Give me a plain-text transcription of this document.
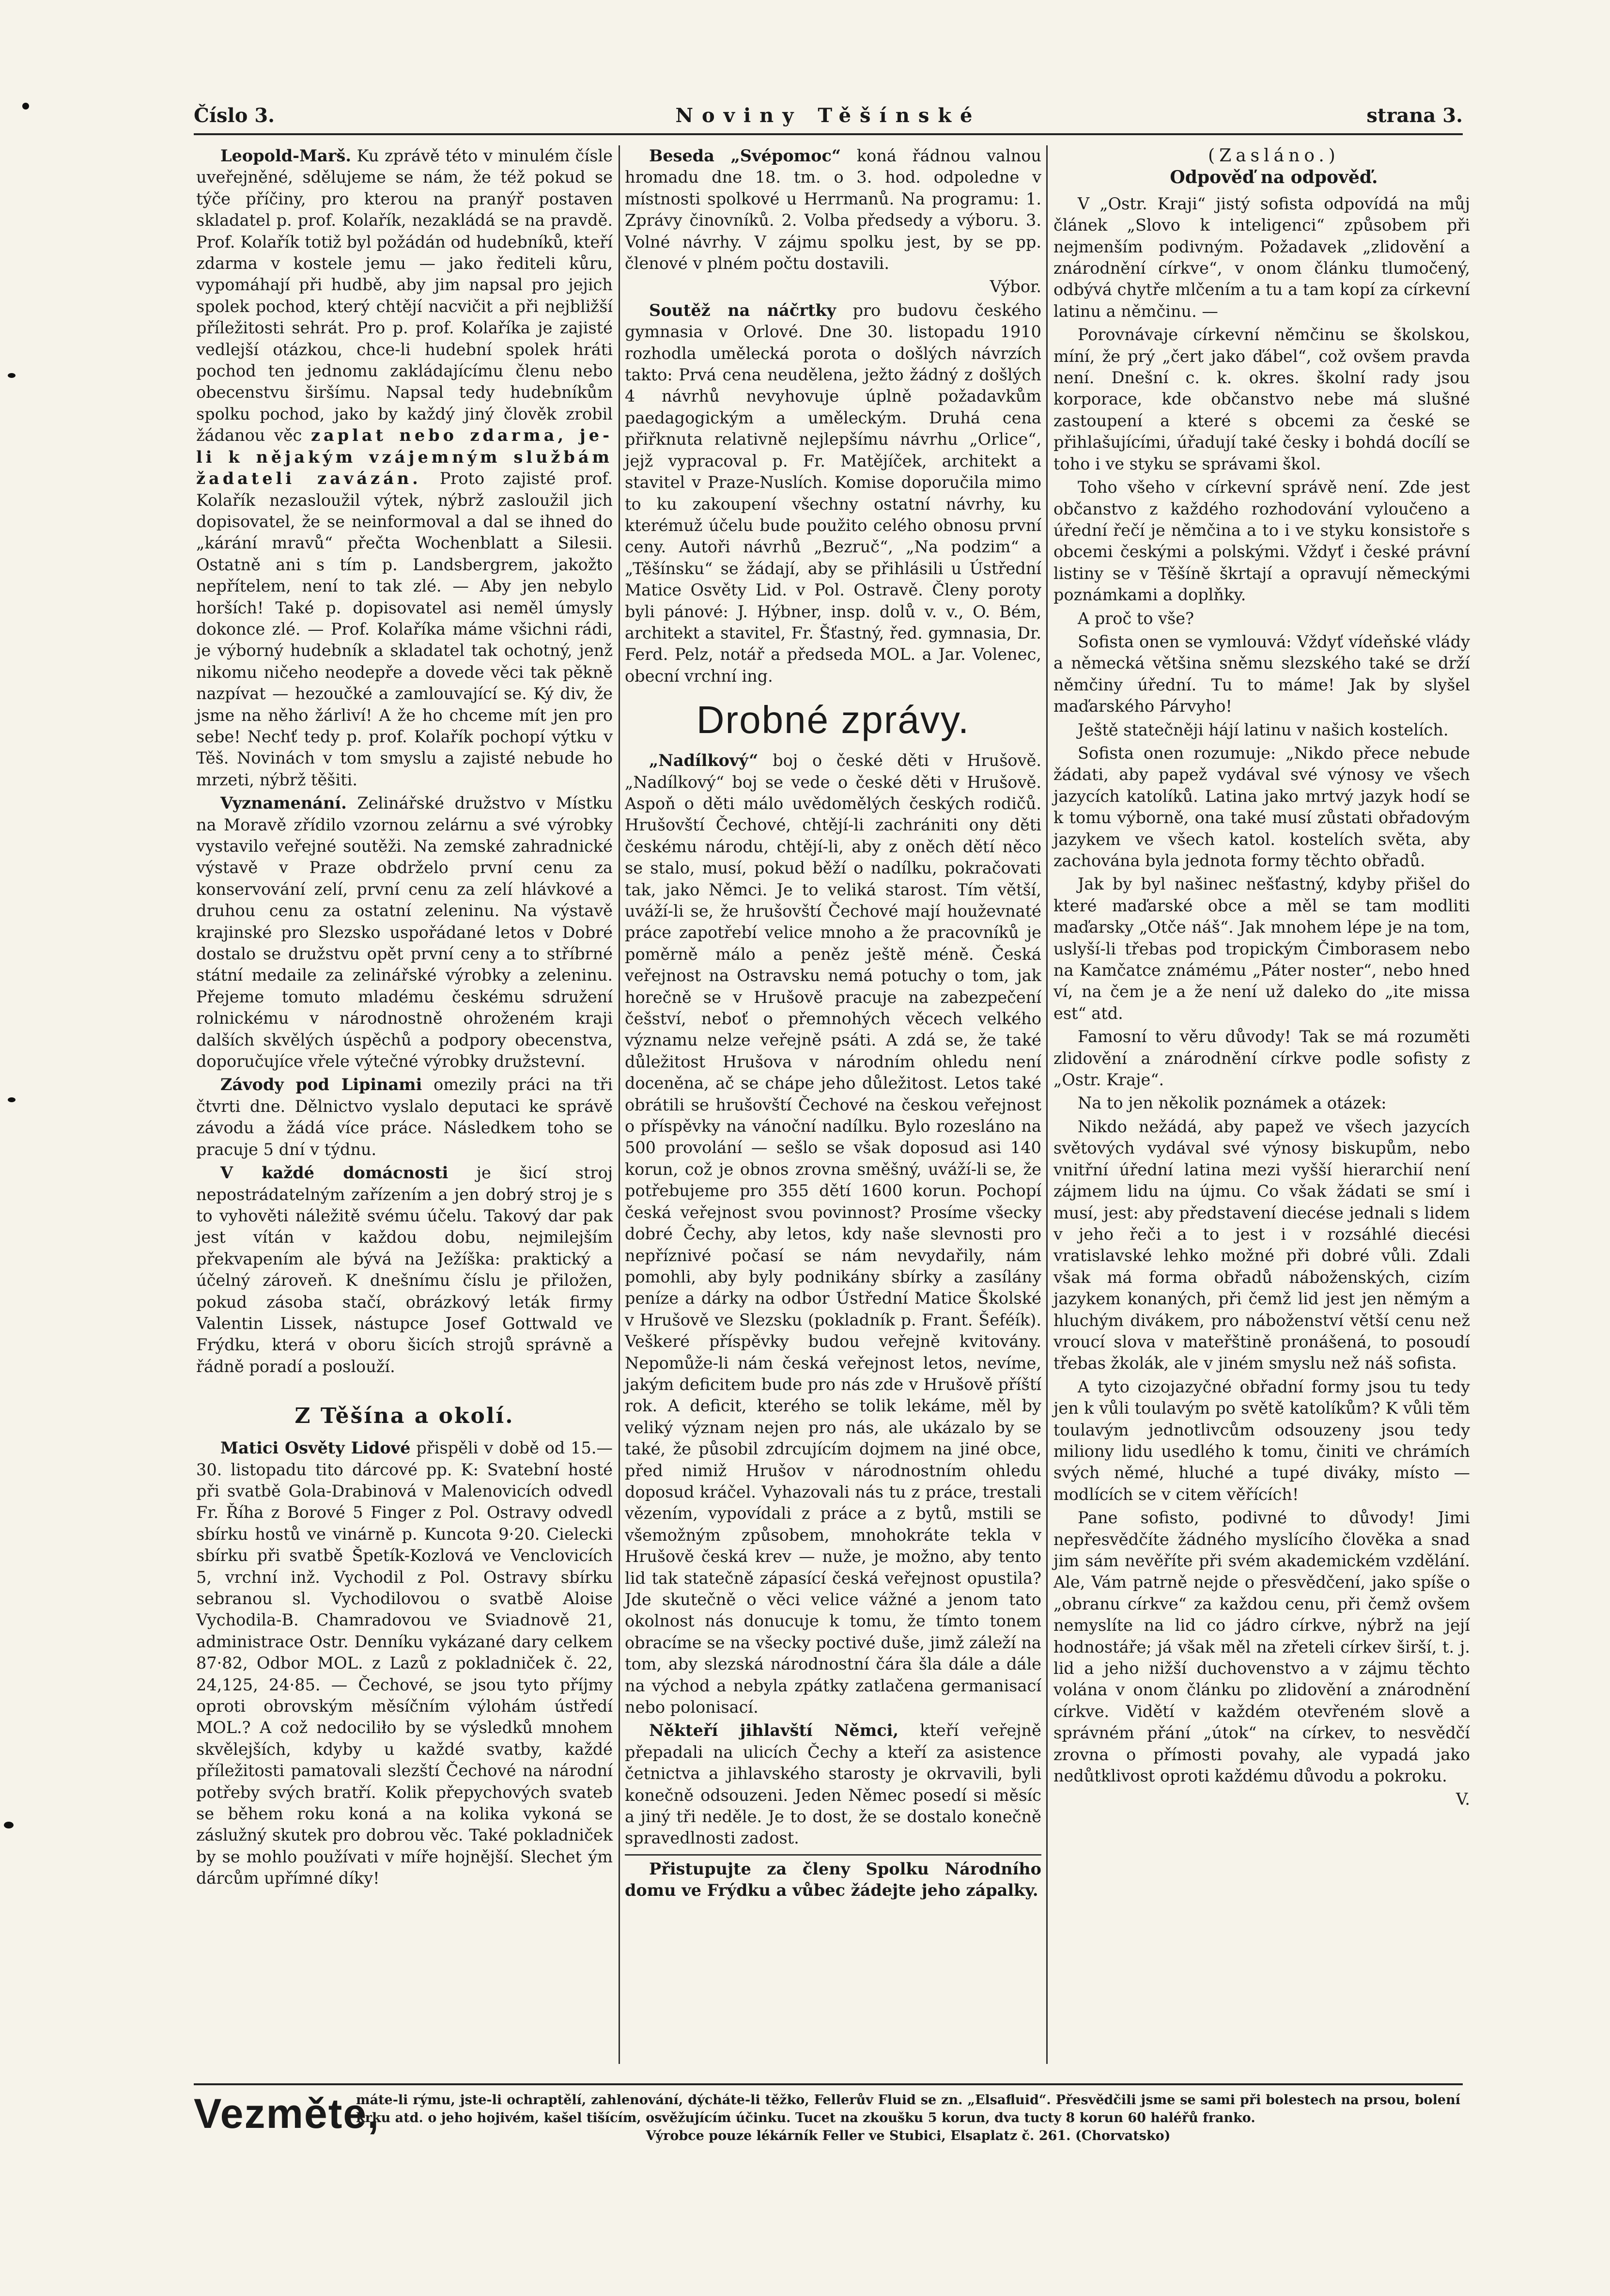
Číslo 3.	Noviny Těšínské	strana 3.

Leopold-Marš. Ku zprávě této v minulém čísle uveřejněné, sdělujeme se nám, že též pokud se týče příčiny, pro kterou na pranýř postaven skladatel p. prof. Kolařík, nezakládá se na pravdě. Prof. Kolařík totiž byl požádán od hudebníků, kteří zdarma v kostele jemu — jako řediteli kůru, vypomáhají při hudbě, aby jim napsal pro jejich spolek pochod, který chtějí nacvičit a při nejbližší příležitosti sehrát. Pro p. prof. Kolaříka je zajisté vedlejší otázkou, chce-li hudební spolek hráti pochod ten jednomu zakládajícímu členu nebo obecenstvu širšímu. Napsal tedy hudebníkům spolku pochod, jako by každý jiný člověk zrobil žádanou věc zaplat nebo zdarma, je-li k nějakým vzájemným službám žadateli zavázán. Proto zajisté prof. Kolařík nezasloužil výtek, nýbrž zasloužil jich dopisovatel, že se neinformoval a dal se ihned do „kárání mravů“ přečta Wochenblatt a Silesii. Ostatně ani s tím p. Landsbergrem, jakožto nepřítelem, není to tak zlé. — Aby jen nebylo horších! Také p. dopisovatel asi neměl úmysly dokonce zlé. — Prof. Kolaříka máme všichni rádi, je výborný hudebník a skladatel tak ochotný, jenž nikomu ničeho neodepře a dovede věci tak pěkně nazpívat — hezoučké a zamlouvající se. Ký div, že jsme na něho žárliví! A že ho chceme mít jen pro sebe! Nechť tedy p. prof. Kolařík pochopí výtku v Těš. Novinách v tom smyslu a zajisté nebude ho mrzeti, nýbrž těšiti.

Vyznamenání. Zelinářské družstvo v Místku na Moravě zřídilo vzornou zelárnu a své výrobky vystavilo veřejné soutěži. Na zemské zahradnické výstavě v Praze obdrželo první cenu za konservování zelí, první cenu za zelí hlávkové a druhou cenu za ostatní zeleninu. Na výstavě krajinské pro Slezsko uspořádané letos v Dobré dostalo se družstvu opět první ceny a to stříbrné státní medaile za zelinářské výrobky a zeleninu. Přejeme tomuto mladému českému sdružení rolnickému v národnostně ohroženém kraji dalších skvělých úspěchů a podpory obecenstva, doporučujíce vřele výtečné výrobky družstevní.

Závody pod Lipinami omezily práci na tři čtvrti dne. Dělnictvo vyslalo deputaci ke správě závodu a žádá více práce. Následkem toho se pracuje 5 dní v týdnu.

V každé domácnosti je šicí stroj nepostrádatelným zařízením a jen dobrý stroj je s to vyhověti náležitě svému účelu. Takový dar pak jest vítán v každou dobu, nejmilejším překvapením ale bývá na Ježíška: praktický a účelný zároveň. K dnešnímu číslu je přiložen, pokud zásoba stačí, obrázkový leták firmy Valentin Lissek, nástupce Josef Gottwald ve Frýdku, která v oboru šicích strojů správně a řádně poradí a poslouží.

Z Těšína a okolí.

Matici Osvěty Lidové přispěli v době od 15.—30. listopadu tito dárcové pp. K: Svatební hosté při svatbě Gola-Drabinová v Malenovicích odvedl Fr. Říha z Borové 5 Finger z Pol. Ostravy odvedl sbírku hostů ve vinárně p. Kuncota 9·20. Cielecki sbírku při svatbě Špetík-Kozlová ve Venclovicích 5, vrchní inž. Vychodil z Pol. Ostravy sbírku sebranou sl. Vychodilovou o svatbě Aloise Vychodila-B. Chamradovou ve Sviadnově 21, administrace Ostr. Denníku vykázané dary celkem 87·82, Odbor MOL. z Lazů z pokladniček č. 22, 24,125, 24·85. — Čechové, se jsou tyto příjmy oproti obrovským měsíčním výlohám ústředí MOL.? A což nedociliło by se výsledků mnohem skvělejších, kdyby u každé svatby, každé příležitosti pamatovali slezští Čechové na národní potřeby svých bratří. Kolik přepychových svateb se během roku koná a na kolika vykoná se záslužný skutek pro dobrou věc. Také pokladniček by se mohlo používati v míře hojnější. Slechet ým dárcům upřímné díky!

Beseda „Svépomoc“ koná řádnou valnou hromadu dne 18. tm. o 3. hod. odpoledne v místnosti spolkové u Herrmanů. Na programu: 1. Zprávy činovníků. 2. Volba předsedy a výboru. 3. Volné návrhy. V zájmu spolku jest, by se pp. členové v plném počtu dostavili.

Výbor.

Soutěž na náčrtky pro budovu českého gymnasia v Orlové. Dne 30. listopadu 1910 rozhodla umělecká porota o došlých návrzích takto: Prvá cena neudělena, ježto žádný z došlých 4 návrhů nevyhovuje úplně požadavkům paedagogickým a uměleckým. Druhá cena přiřknuta relativně nejlepšímu návrhu „Orlice“, jejž vypracoval p. Fr. Matějíček, architekt a stavitel v Praze-Nuslích. Komise doporučila mimo to ku zakoupení všechny ostatní návrhy, ku kterémuž účelu bude použito celého obnosu první ceny. Autoři návrhů „Bezruč“, „Na podzim“ a „Těšínsku“ se žádají, aby se přihlásili u Ústřední Matice Osvěty Lid. v Pol. Ostravě. Členy poroty byli pánové: J. Hýbner, insp. dolů v. v., O. Bém, architekt a stavitel, Fr. Šťastný, řed. gymnasia, Dr. Ferd. Pelz, notář a předseda MOL. a Jar. Volenec, obecní vrchní ing.

Drobné zprávy.

„Nadílkový“ boj o české děti v Hrušově. „Nadílkový“ boj se vede o české děti v Hrušově. Aspoň o děti málo uvědomělých českých rodičů. Hrušovští Čechové, chtějí-li zachrániti ony děti českému národu, chtějí-li, aby z oněch dětí něco se stalo, musí, pokud běží o nadílku, pokračovati tak, jako Němci. Je to veliká starost. Tím větší, uváží-li se, že hrušovští Čechové mají houževnaté práce zapotřebí velice mnoho a že pracovníků je poměrně málo a peněz ještě méně. Česká veřejnost na Ostravsku nemá potuchy o tom, jak horečně se v Hrušově pracuje na zabezpečení češství, neboť o přemnohých věcech velkého významu nelze veřejně psáti. A zdá se, že také důležitost Hrušova v národním ohledu není doceněna, ač se chápe jeho důležitost. Letos také obrátili se hrušovští Čechové na českou veřejnost o příspěvky na vánoční nadílku. Bylo rozesláno na 500 provolání — sešlo se však doposud asi 140 korun, což je obnos zrovna směšný, uváží-li se, že potřebujeme pro 355 dětí 1600 korun. Pochopí česká veřejnost svou povinnost? Prosíme všecky dobré Čechy, aby letos, kdy naše slevnosti pro nepříznivé počasí se nám nevydařily, nám pomohli, aby byly podnikány sbírky a zasílány peníze a dárky na odbor Ústřední Matice Školské v Hrušově ve Slezsku (pokladník p. Frant. Šeféík). Veškeré příspěvky budou veřejně kvitovány. Nepomůže-li nám česká veřejnost letos, nevíme, jakým deficitem bude pro nás zde v Hrušově příští rok. A deficit, kterého se tolik lekáme, měl by veliký význam nejen pro nás, ale ukázalo by se také, že působil zdrcujícím dojmem na jiné obce, před nimiž Hrušov v národnostním ohledu doposud kráčel. Vyhazovali nás tu z práce, trestali vězením, vypovídali z práce a z bytů, mstili se všemožným způsobem, mnohokráte tekla v Hrušově česká krev — nuže, je možno, aby tento lid tak statečně zápasící česká veřejnost opustila? Jde skutečně o věci velice vážné a jenom tato okolnost nás donucuje k tomu, že tímto tonem obracíme se na všecky poctivé duše, jimž záleží na tom, aby slezská národnostní čára šla dále a dále na východ a nebyla zpátky zatlačena germanisací nebo polonisací.

Někteří jihlavští Němci, kteří veřejně přepadali na ulicích Čechy a kteří za asistence četnictva a jihlavského starosty je okrvavili, byli konečně odsouzeni. Jeden Němec posedí si měsíc a jiný tři neděle. Je to dost, že se dostalo konečně spravedlnosti zadost.

Přistupujte za členy Spolku Národního domu ve Frýdku a vůbec žádejte jeho zápalky.

(Zasláno.)

Odpověď na odpověď.

V „Ostr. Kraji“ jistý sofista odpovídá na můj článek „Slovo k inteligenci“ způsobem při nejmenším podivným. Požadavek „zlidovění a znárodnění církve“, v onom článku tlumočený, odbývá chytře mlčením a tu a tam kopí za církevní latinu a němčinu. —

Porovnávaje církevní němčinu se školskou, míní, že prý „čert jako ďábel“, což ovšem pravda není. Dnešní c. k. okres. školní rady jsou korporace, kde občanstvo nebe má slušné zastoupení a které s obcemi za české se přihlašujícími, úřadují také česky i bohdá docílí se toho i ve styku se správami škol.

Toho všeho v církevní správě není. Zde jest občanstvo z každého rozhodování vyloučeno a úřední řečí je němčina a to i ve styku konsistoře s obcemi českými a polskými. Vždyť i české právní listiny se v Těšíně škrtají a opravují německými poznámkami a doplňky.

A proč to vše?

Sofista onen se vymlouvá: Vždyť vídeňské vlády a německá většina sněmu slezského také se drží němčiny úřední. Tu to máme! Jak by slyšel maďarského Párvyho!

Ještě statečněji hájí latinu v našich kostelích.

Sofista onen rozumuje: „Nikdo přece nebude žádati, aby papež vydával své výnosy ve všech jazycích katolíků. Latina jako mrtvý jazyk hodí se k tomu výborně, ona také musí zůstati obřadovým jazykem ve všech katol. kostelích světa, aby zachována byla jednota formy těchto obřadů.

Jak by byl našinec nešťastný, kdyby přišel do které maďarské obce a měl se tam modliti maďarsky „Otče náš“. Jak mnohem lépe je na tom, uslyší-li třebas pod tropickým Čimborasem nebo na Kamčatce známému „Páter noster“, nebo hned ví, na čem je a že není už daleko do „ite missa est“ atd.

Famosní to věru důvody! Tak se má rozuměti zlidovění a znárodnění církve podle sofisty z „Ostr. Kraje“.

Na to jen několik poznámek a otázek:

Nikdo nežádá, aby papež ve všech jazycích světových vydával své výnosy biskupům, nebo vnitřní úřední latina mezi vyšší hierarchií není zájmem lidu na újmu. Co však žádati se smí i musí, jest: aby představení diecése jednali s lidem v jeho řeči a to jest i v rozsáhlé diecési vratislavské lehko možné při dobré vůli. Zdali však má forma obřadů náboženských, cizím jazykem konaných, při čemž lid jest jen němým a hluchým divákem, pro náboženství větší cenu než vroucí slova v mateřštině pronášená, to posoudí třebas žkolák, ale v jiném smyslu než náš sofista.

A tyto cizojazyčné obřadní formy jsou tu tedy jen k vůli toulavým po světě katolíkům? K vůli těm toulavým jednotlivcům odsouzeny jsou tedy miliony lidu usedlého k tomu, činiti ve chrámích svých němé, hluché a tupé diváky, místo — modlících se v citem věřících!

Pane sofisto, podivné to důvody! Jimi nepřesvědčíte žádného myslícího člověka a snad jim sám nevěříte při svém akademickém vzdělání. Ale, Vám patrně nejde o přesvědčení, jako spíše o „obranu církve“ za každou cenu, při čemž ovšem nemyslíte na lid co jádro církve, nýbrž na její hodnostáře; já však měl na zřeteli církev širší, t. j. lid a jeho nižší duchovenstvo a v zájmu těchto volána v onom článku po zlidovění a znárodnění církve. Vidětí v každém otevřeném slově a správném přání „útok“ na církev, to nesvědčí zrovna o přímosti povahy, ale vypadá jako nedůtklivost oproti každému důvodu a pokroku.

V.

Vezměte,
máte-li rýmu, jste-li ochraptělí, zahlenování, dýcháte-li těžko, Fellerův Fluid se zn. „Elsafluid“. Přesvědčili jsme se sami při bolestech na prsou, bolení krku atd. o jeho hojivém, kašel tišícím, osvěžujícím účinku. Tucet na zkoušku 5 korun, dva tucty 8 korun 60 haléřů franko.
Výrobce pouze lékárník Feller ve Stubici, Elsaplatz č. 261. (Chorvatsko)
